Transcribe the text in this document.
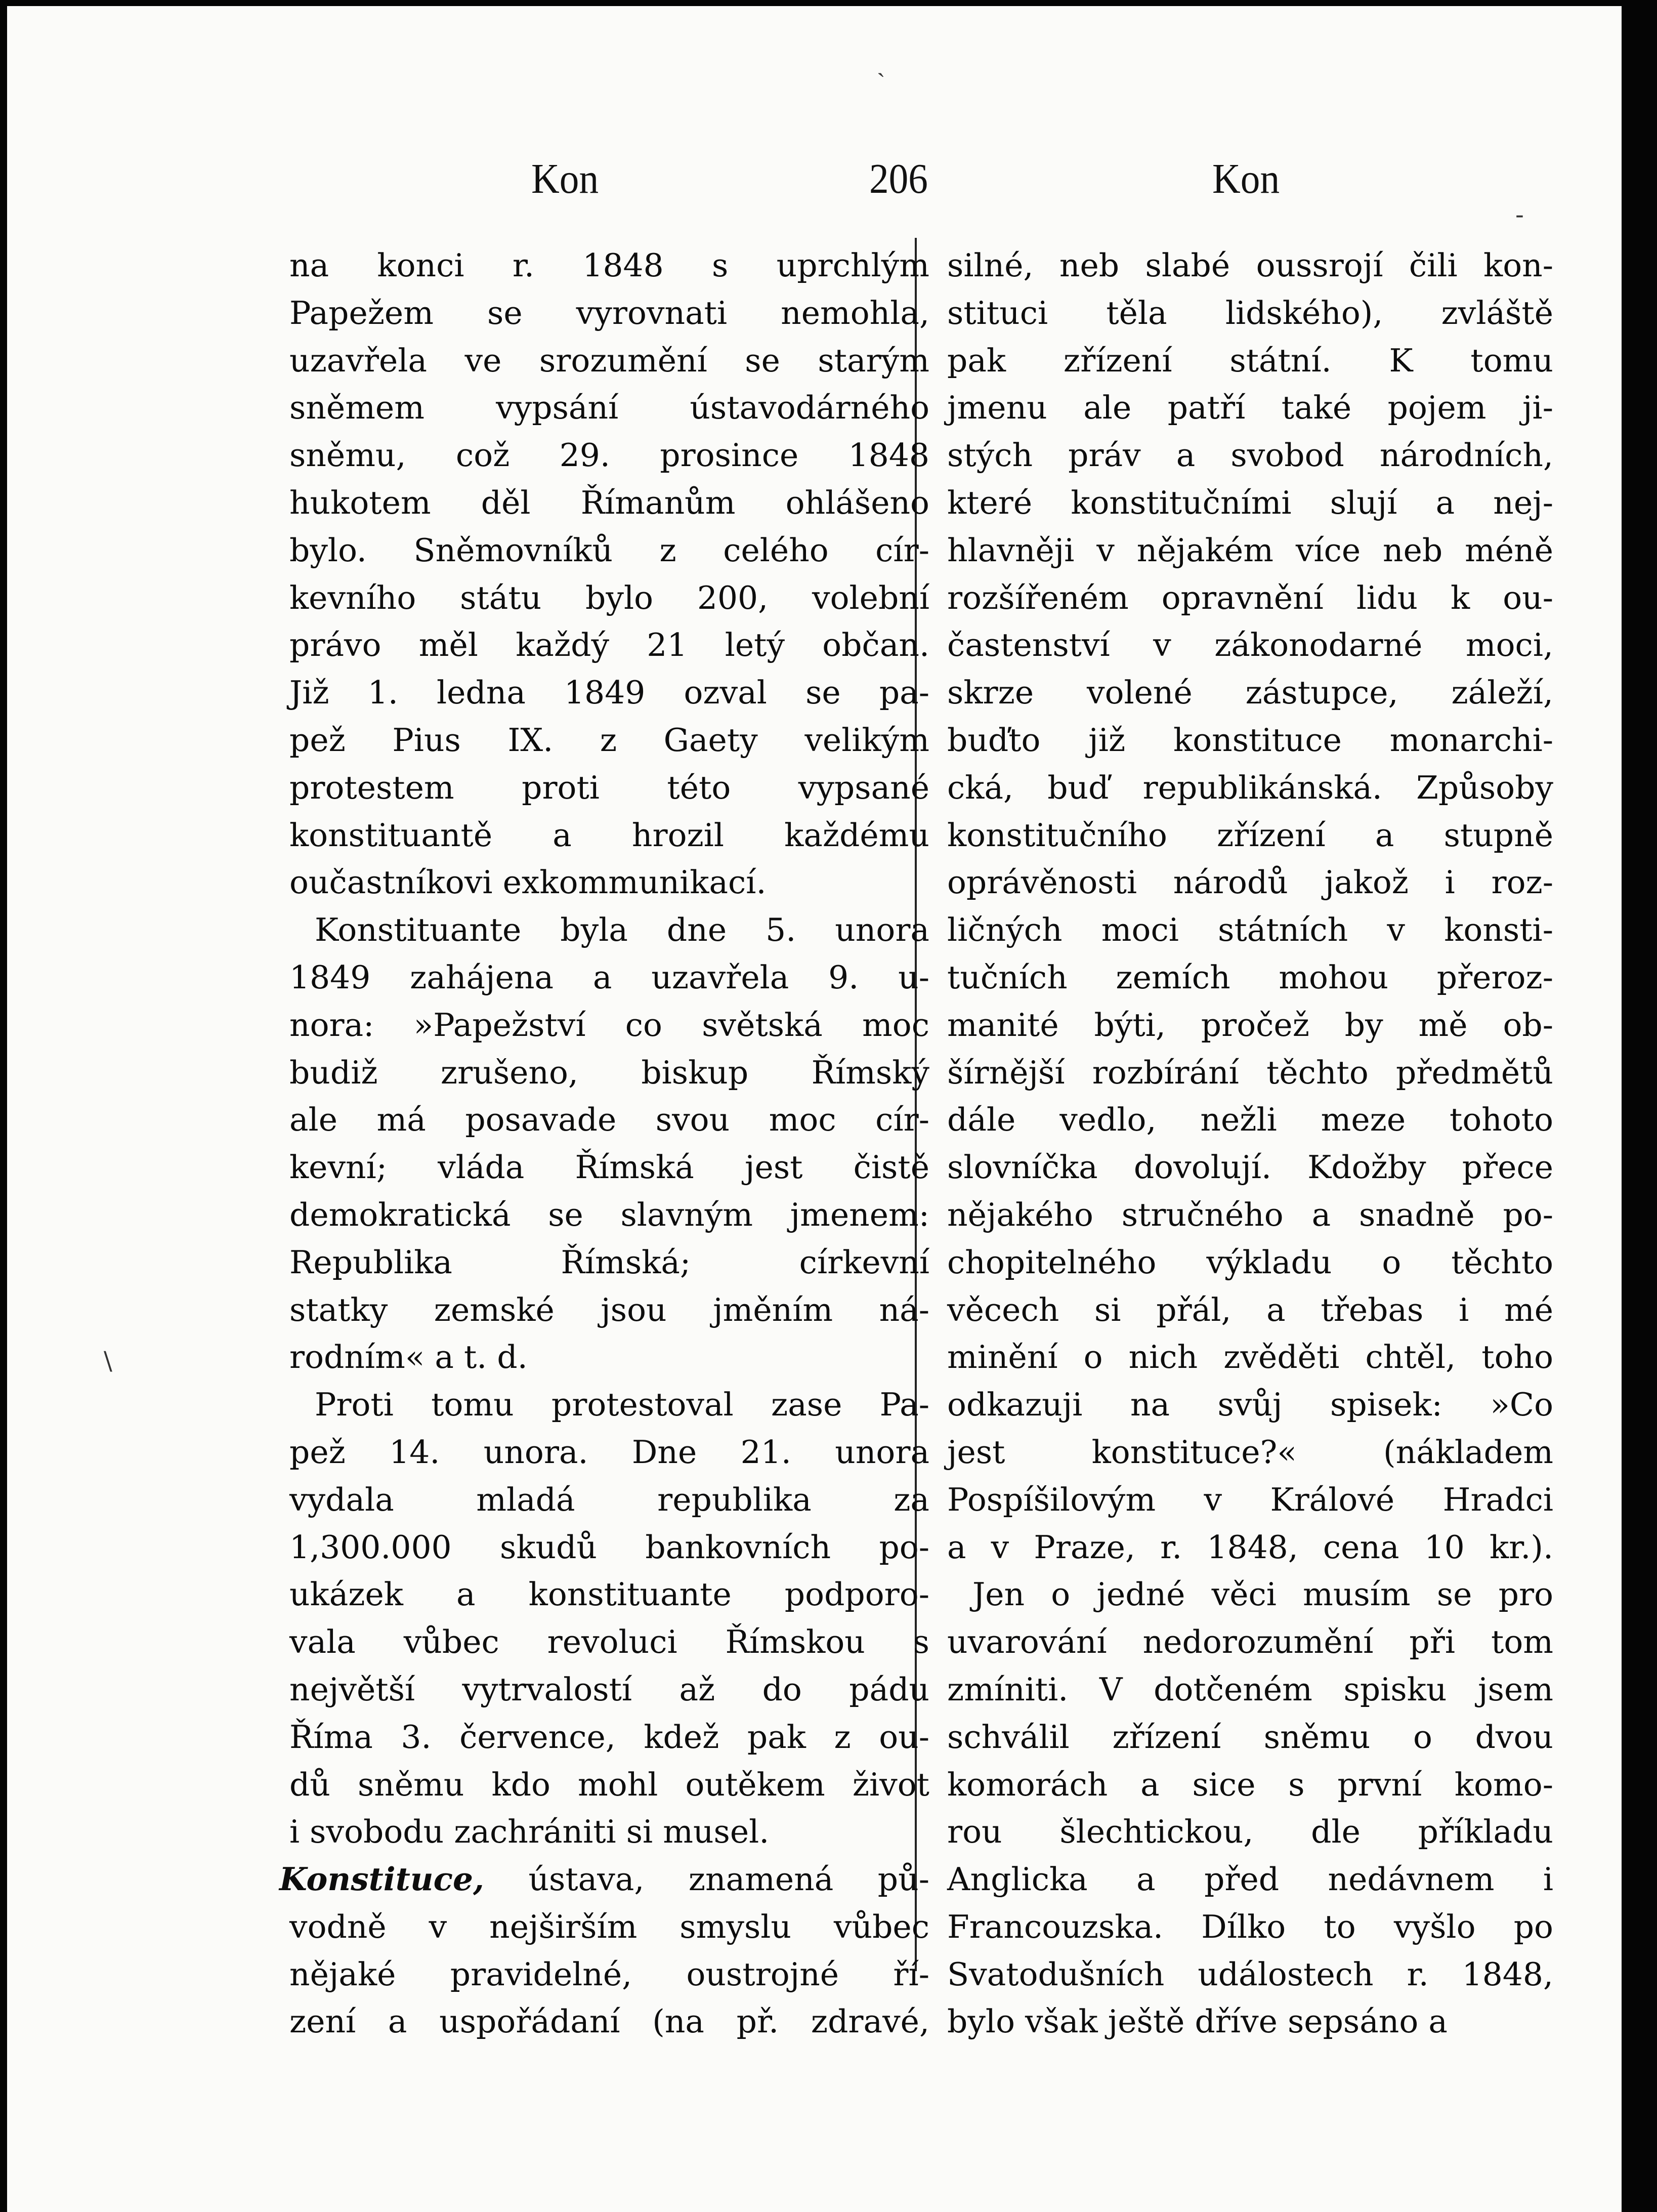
Kon	206	Kon
ˏ
‑
\
na konci r. 1848 s uprchlým
Papežem se vyrovnati nemohla,
uzavřela ve srozumění se starým
sněmem vypsání ústavodárného
sněmu, což 29. prosince 1848
hukotem děl Římanům ohlášeno
bylo. Sněmovníků z celého cír-
kevního státu bylo 200, volební
právo měl každý 21 letý občan.
Již 1. ledna 1849 ozval se pa-
pež Pius IX. z Gaety velikým
protestem proti této vypsané
konstituantě a hrozil každému
oučastníkovi exkommunikací.
Konstituante byla dne 5. unora
1849 zahájena a uzavřela 9. u-
nora: »Papežství co světská moc
budiž zrušeno, biskup Římský
ale má posavade svou moc cír-
kevní; vláda Římská jest čistě
demokratická se slavným jmenem:
Republika Římská; církevní
statky zemské jsou jměním ná-
rodním« a t. d.
Proti tomu protestoval zase Pa-
pež 14. unora. Dne 21. unora
vydala mladá republika za
1,300.000 skudů bankovních po-
ukázek a konstituante podporo-
vala vůbec revoluci Římskou s
největší vytrvalostí až do pádu
Říma 3. července, kdež pak z ou-
dů sněmu kdo mohl outěkem život
i svobodu zachrániti si musel.
Konstituce, ústava, znamená pů-
vodně v nejširším smyslu vůbec
nějaké pravidelné, oustrojné ří-
zení a uspořádaní (na př. zdravé,
silné, neb slabé oussrojí čili kon-
stituci těla lidského), zvláště
pak zřízení státní. K tomu
jmenu ale patří také pojem ji-
stých práv a svobod národních,
které konstitučními slují a nej-
hlavněji v nějakém více neb méně
rozšířeném opravnění lidu k ou-
častenství v zákonodarné moci,
skrze volené zástupce, záleží,
buďto již konstituce monarchi-
cká, buď republikánská. Způsoby
konstitučního zřízení a stupně
oprávěnosti národů jakož i roz-
ličných moci státních v konsti-
tučních zemích mohou přeroz-
manité býti, pročež by mě ob-
šírnější rozbírání těchto předmětů
dále vedlo, nežli meze tohoto
slovníčka dovolují. Kdožby přece
nějakého stručného a snadně po-
chopitelného výkladu o těchto
věcech si přál, a třebas i mé
minění o nich zvěděti chtěl, toho
odkazuji na svůj spisek: »Co
jest konstituce?« (nákladem
Pospíšilovým v Králové Hradci
a v Praze, r. 1848, cena 10 kr.).
Jen o jedné věci musím se pro
uvarování nedorozumění při tom
zmíniti. V dotčeném spisku jsem
schválil zřízení sněmu o dvou
komorách a sice s první komo-
rou šlechtickou, dle příkladu
Anglicka a před nedávnem i
Francouzska. Dílko to vyšlo po
Svatodušních událostech r. 1848,
bylo však ještě dříve sepsáno a
